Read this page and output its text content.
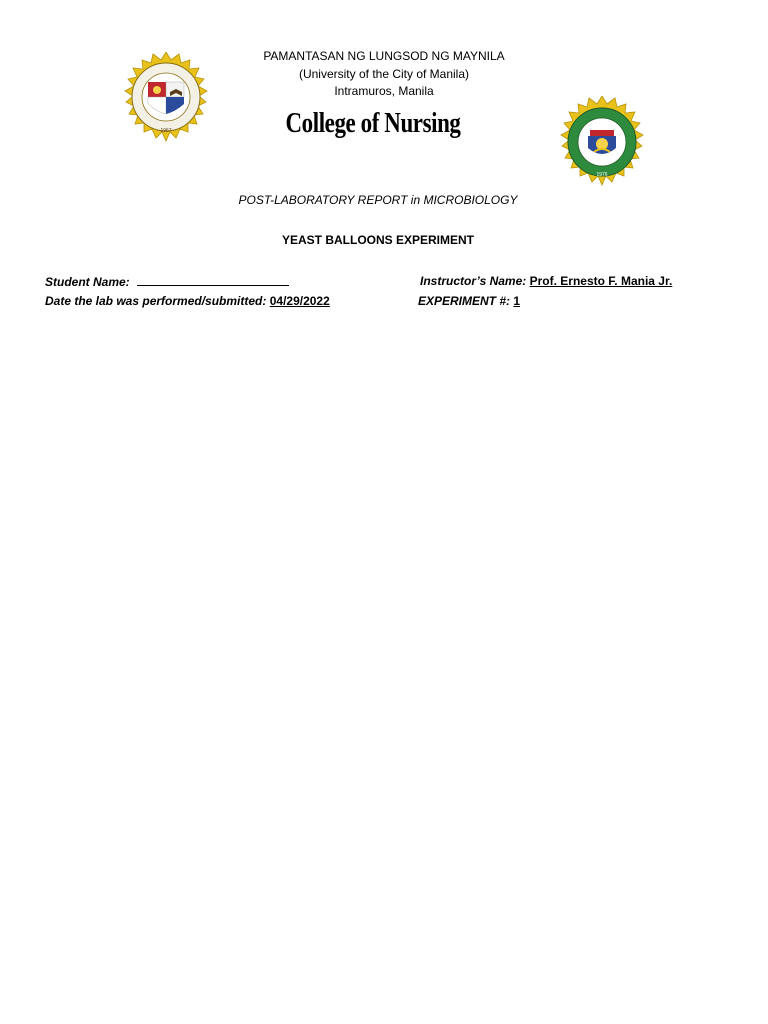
1967
1976
PAMANTASAN NG LUNGSOD NG MAYNILA
(University of the City of Manila)
Intramuros, Manila
College of Nursing
POST-LABORATORY REPORT in MICROBIOLOGY
YEAST BALLOONS EXPERIMENT
Student Name:	Instructor’s Name: Prof. Ernesto F. Mania Jr.
Date the lab was performed/submitted: 04/29/2022	EXPERIMENT #: 1
